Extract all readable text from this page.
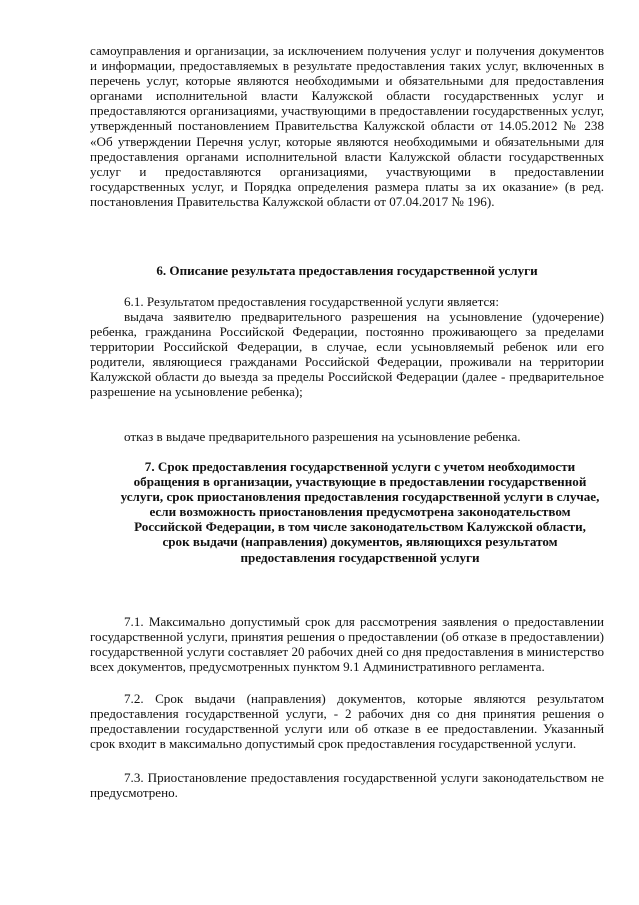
самоуправления и организации, за исключением получения услуг и получения документов и информации, предоставляемых в результате предоставления таких услуг, включенных в перечень услуг, которые являются необходимыми и обязательными для предоставления органами исполнительной власти Калужской области государственных услуг и предоставляются организациями, участвующими в предоставлении государственных услуг, утвержденный постановлением Правительства Калужской области от 14.05.2012 № 238 «Об утверждении Перечня услуг, которые являются необходимыми и обязательными для предоставления органами исполнительной власти Калужской области государственных услуг и предоставляются организациями, участвующими в предоставлении государственных услуг, и Порядка определения размера платы за их оказание» (в ред. постановления Правительства Калужской области от 07.04.2017 № 196).

6. Описание результата предоставления государственной услуги

6.1. Результатом предоставления государственной услуги является:

выдача заявителю предварительного разрешения на усыновление (удочерение) ребенка, гражданина Российской Федерации, постоянно проживающего за пределами территории Российской Федерации, в случае, если усыновляемый ребенок или его родители, являющиеся гражданами Российской Федерации, проживали на территории Калужской области до выезда за пределы Российской Федерации (далее - предварительное разрешение на усыновление ребенка);

отказ в выдаче предварительного разрешения на усыновление ребенка.

7. Срок предоставления государственной услуги с учетом необходимости обращения в организации, участвующие в предоставлении государственной услуги, срок приостановления предоставления государственной услуги в случае, если возможность приостановления предусмотрена законодательством Российской Федерации, в том числе законодательством Калужской области, срок выдачи (направления) документов, являющихся результатом предоставления государственной услуги

7.1. Максимально допустимый срок для рассмотрения заявления о предоставлении государственной услуги, принятия решения о предоставлении (об отказе в предоставлении) государственной услуги составляет 20 рабочих дней со дня предоставления в министерство всех документов, предусмотренных пунктом 9.1 Административного регламента.

7.2. Срок выдачи (направления) документов, которые являются результатом предоставления государственной услуги, - 2 рабочих дня со дня принятия решения о предоставлении государственной услуги или об отказе в ее предоставлении. Указанный срок входит в максимально допустимый срок предоставления государственной услуги.

7.3. Приостановление предоставления государственной услуги законодательством не предусмотрено.
